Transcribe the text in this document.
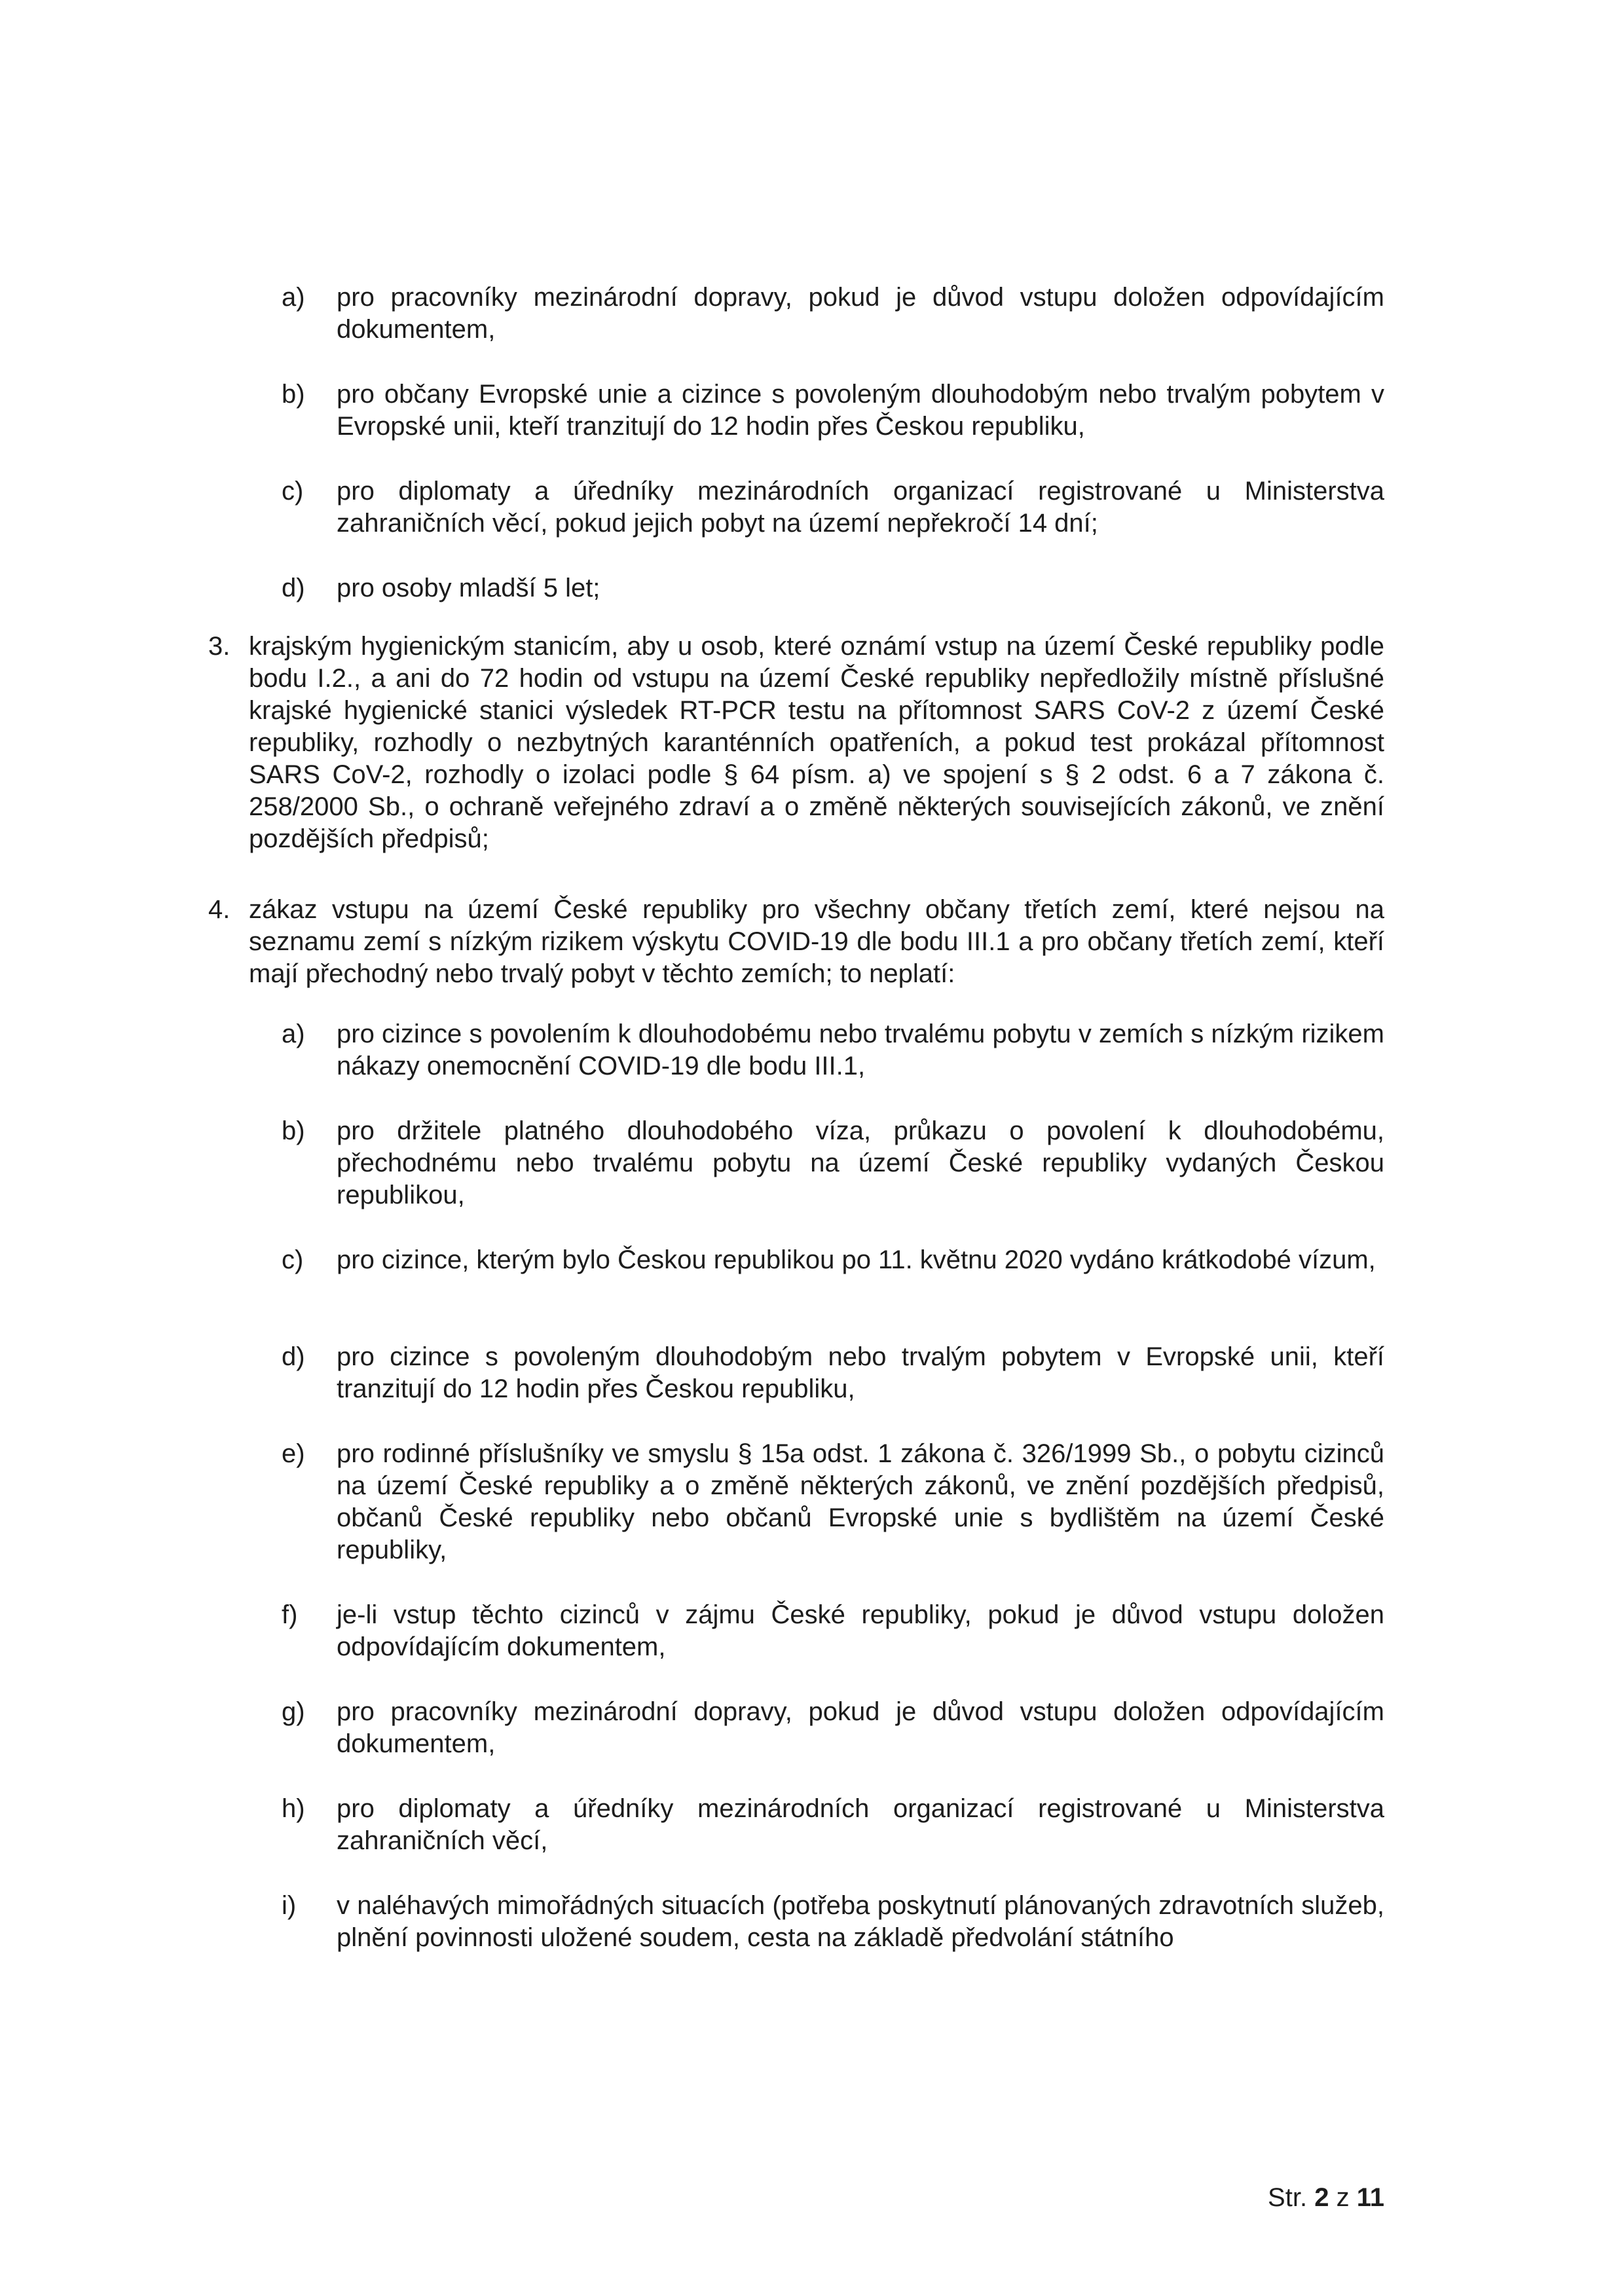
a)	pro pracovníky mezinárodní dopravy, pokud je důvod vstupu doložen odpovídajícím dokumentem,
b)	pro občany Evropské unie a cizince s povoleným dlouhodobým nebo trvalým pobytem v Evropské unii, kteří tranzitují do 12 hodin přes Českou republiku,
c)	pro diplomaty a úředníky mezinárodních organizací registrované u Ministerstva zahraničních věcí, pokud jejich pobyt na území nepřekročí 14 dní;
d)	pro osoby mladší 5 let;
3. krajským hygienickým stanicím, aby u osob, které oznámí vstup na území České republiky podle bodu I.2., a ani do 72 hodin od vstupu na území České republiky nepředložily místně příslušné krajské hygienické stanici výsledek RT-PCR testu na přítomnost SARS CoV-2 z území České republiky, rozhodly o nezbytných karanténních opatřeních, a pokud test prokázal přítomnost SARS CoV-2, rozhodly o izolaci podle § 64 písm. a) ve spojení s § 2 odst. 6 a 7 zákona č. 258/2000 Sb., o ochraně veřejného zdraví a o změně některých souvisejících zákonů, ve znění pozdějších předpisů;
4. zákaz vstupu na území České republiky pro všechny občany třetích zemí, které nejsou na seznamu zemí s nízkým rizikem výskytu COVID-19 dle bodu III.1 a pro občany třetích zemí, kteří mají přechodný nebo trvalý pobyt v těchto zemích; to neplatí:
a)	pro cizince s povolením k dlouhodobému nebo trvalému pobytu v zemích s nízkým rizikem nákazy onemocnění COVID-19 dle bodu III.1,
b)	pro držitele platného dlouhodobého víza, průkazu o povolení k dlouhodobému, přechodnému nebo trvalému pobytu na území České republiky vydaných Českou republikou,
c)	pro cizince, kterým bylo Českou republikou po 11. květnu 2020 vydáno krátkodobé vízum,
d)	pro cizince s povoleným dlouhodobým nebo trvalým pobytem v Evropské unii, kteří tranzitují do 12 hodin přes Českou republiku,
e)	pro rodinné příslušníky ve smyslu § 15a odst. 1 zákona č. 326/1999 Sb., o pobytu cizinců na území České republiky a o změně některých zákonů, ve znění pozdějších předpisů, občanů České republiky nebo občanů Evropské unie s bydlištěm na území České republiky,
f)	je-li vstup těchto cizinců v zájmu České republiky, pokud je důvod vstupu doložen odpovídajícím dokumentem,
g)	pro pracovníky mezinárodní dopravy, pokud je důvod vstupu doložen odpovídajícím dokumentem,
h)	pro diplomaty a úředníky mezinárodních organizací registrované u Ministerstva zahraničních věcí,
i)	v naléhavých mimořádných situacích (potřeba poskytnutí plánovaných zdravotních služeb, plnění povinnosti uložené soudem, cesta na základě předvolání státního
Str. 2 z 11
